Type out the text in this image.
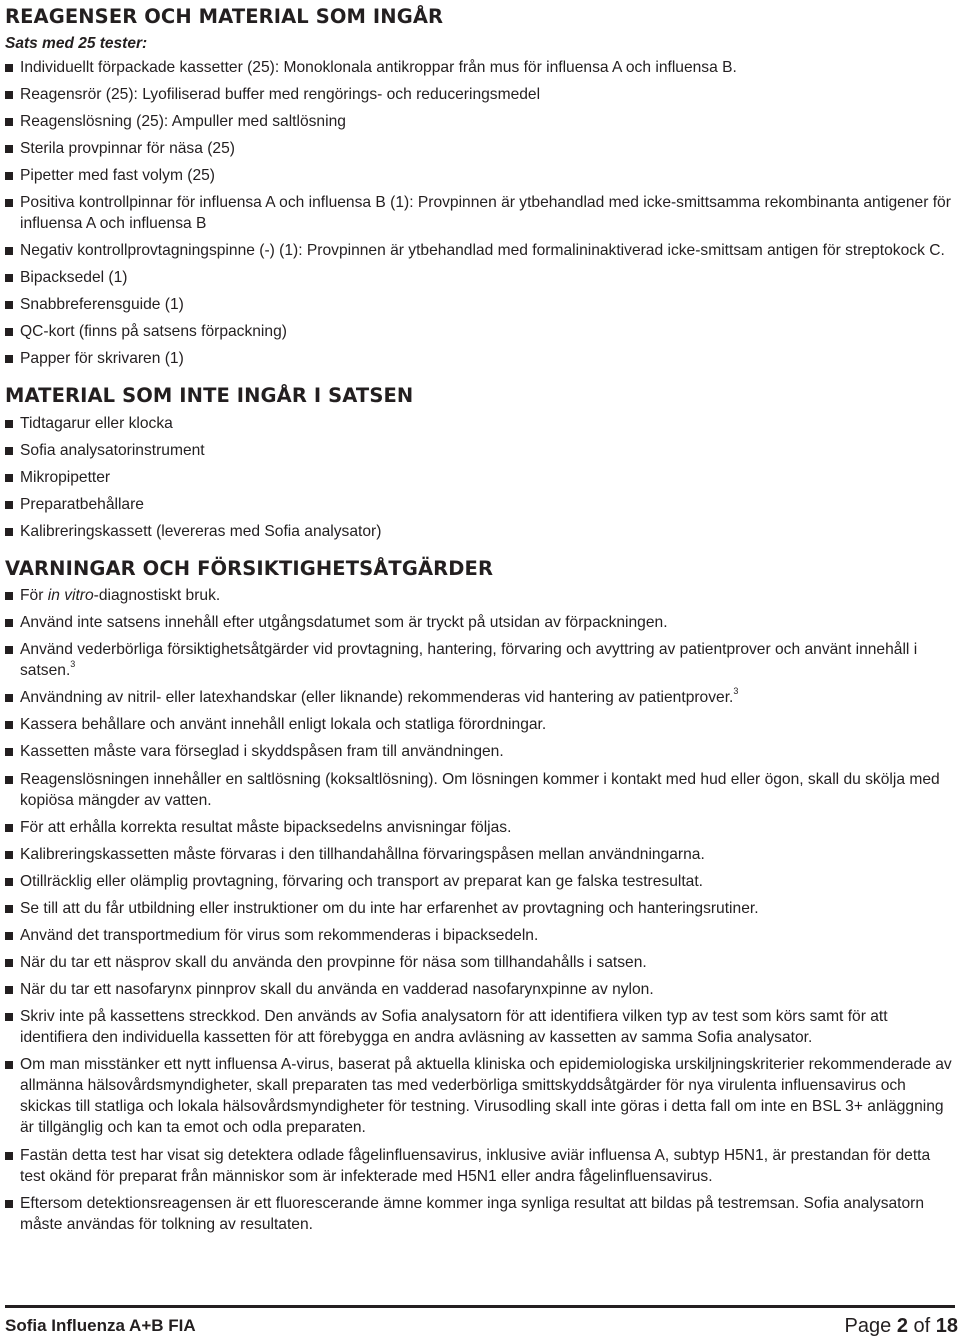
REAGENSER OCH MATERIAL SOM INGÅR
Sats med 25 tester:
Individuellt förpackade kassetter (25): Monoklonala antikroppar från mus för influensa A och influensa B.
Reagensrör (25): Lyofiliserad buffer med rengörings- och reduceringsmedel
Reagenslösning (25): Ampuller med saltlösning
Sterila provpinnar för näsa (25)
Pipetter med fast volym (25)
Positiva kontrollpinnar för influensa A och influensa B (1): Provpinnen är ytbehandlad med icke-smittsamma rekombinanta antigener för influensa A och influensa B
Negativ kontrollprovtagningspinne (-) (1): Provpinnen är ytbehandlad med formalininaktiverad icke-smittsam antigen för streptokock C.
Bipacksedel (1)
Snabbreferensguide (1)
QC-kort (finns på satsens förpackning)
Papper för skrivaren (1)
MATERIAL SOM INTE INGÅR I SATSEN
Tidtagarur eller klocka
Sofia analysatorinstrument
Mikropipetter
Preparatbehållare
Kalibreringskassett (levereras med Sofia analysator)
VARNINGAR OCH FÖRSIKTIGHETSÅTGÄRDER
För in vitro-diagnostiskt bruk.
Använd inte satsens innehåll efter utgångsdatumet som är tryckt på utsidan av förpackningen.
Använd vederbörliga försiktighetsåtgärder vid provtagning, hantering, förvaring och avyttring av patientprover och använt innehåll i satsen.$^3$
Användning av nitril- eller latexhandskar (eller liknande) rekommenderas vid hantering av patientprover.$^3$
Kassera behållare och använt innehåll enligt lokala och statliga förordningar.
Kassetten måste vara förseglad i skyddspåsen fram till användningen.
Reagenslösningen innehåller en saltlösning (koksaltlösning). Om lösningen kommer i kontakt med hud eller ögon, skall du skölja med kopiösa mängder av vatten.
För att erhålla korrekta resultat måste bipacksedelns anvisningar följas.
Kalibreringskassetten måste förvaras i den tillhandahållna förvaringspåsen mellan användningarna.
Otillräcklig eller olämplig provtagning, förvaring och transport av preparat kan ge falska testresultat.
Se till att du får utbildning eller instruktioner om du inte har erfarenhet av provtagning och hanteringsrutiner.
Använd det transportmedium för virus som rekommenderas i bipacksedeln.
När du tar ett näsprov skall du använda den provpinne för näsa som tillhandahålls i satsen.
När du tar ett nasofarynx pinnprov skall du använda en vadderad nasofarynxpinne av nylon.
Skriv inte på kassettens streckkod. Den används av Sofia analysatorn för att identifiera vilken typ av test som körs samt för att identifiera den individuella kassetten för att förebygga en andra avläsning av kassetten av samma Sofia analysator.
Om man misstänker ett nytt influensa A-virus, baserat på aktuella kliniska och epidemiologiska urskiljningskriterier rekommenderade av allmänna hälsovårdsmyndigheter, skall preparaten tas med vederbörliga smittskyddsåtgärder för nya virulenta influensavirus och skickas till statliga och lokala hälsovårdsmyndigheter för testning. Virusodling skall inte göras i detta fall om inte en BSL 3+ anläggning är tillgänglig och kan ta emot och odla preparaten.
Fastän detta test har visat sig detektera odlade fågelinfluensavirus, inklusive aviär influensa A, subtyp H5N1, är prestandan för detta test okänd för preparat från människor som är infekterade med H5N1 eller andra fågelinfluensavirus.
Eftersom detektionsreagensen är ett fluorescerande ämne kommer inga synliga resultat att bildas på testremsan. Sofia analysatorn måste användas för tolkning av resultaten.
Sofia Influenza A+B FIA	Page 2 of 18
